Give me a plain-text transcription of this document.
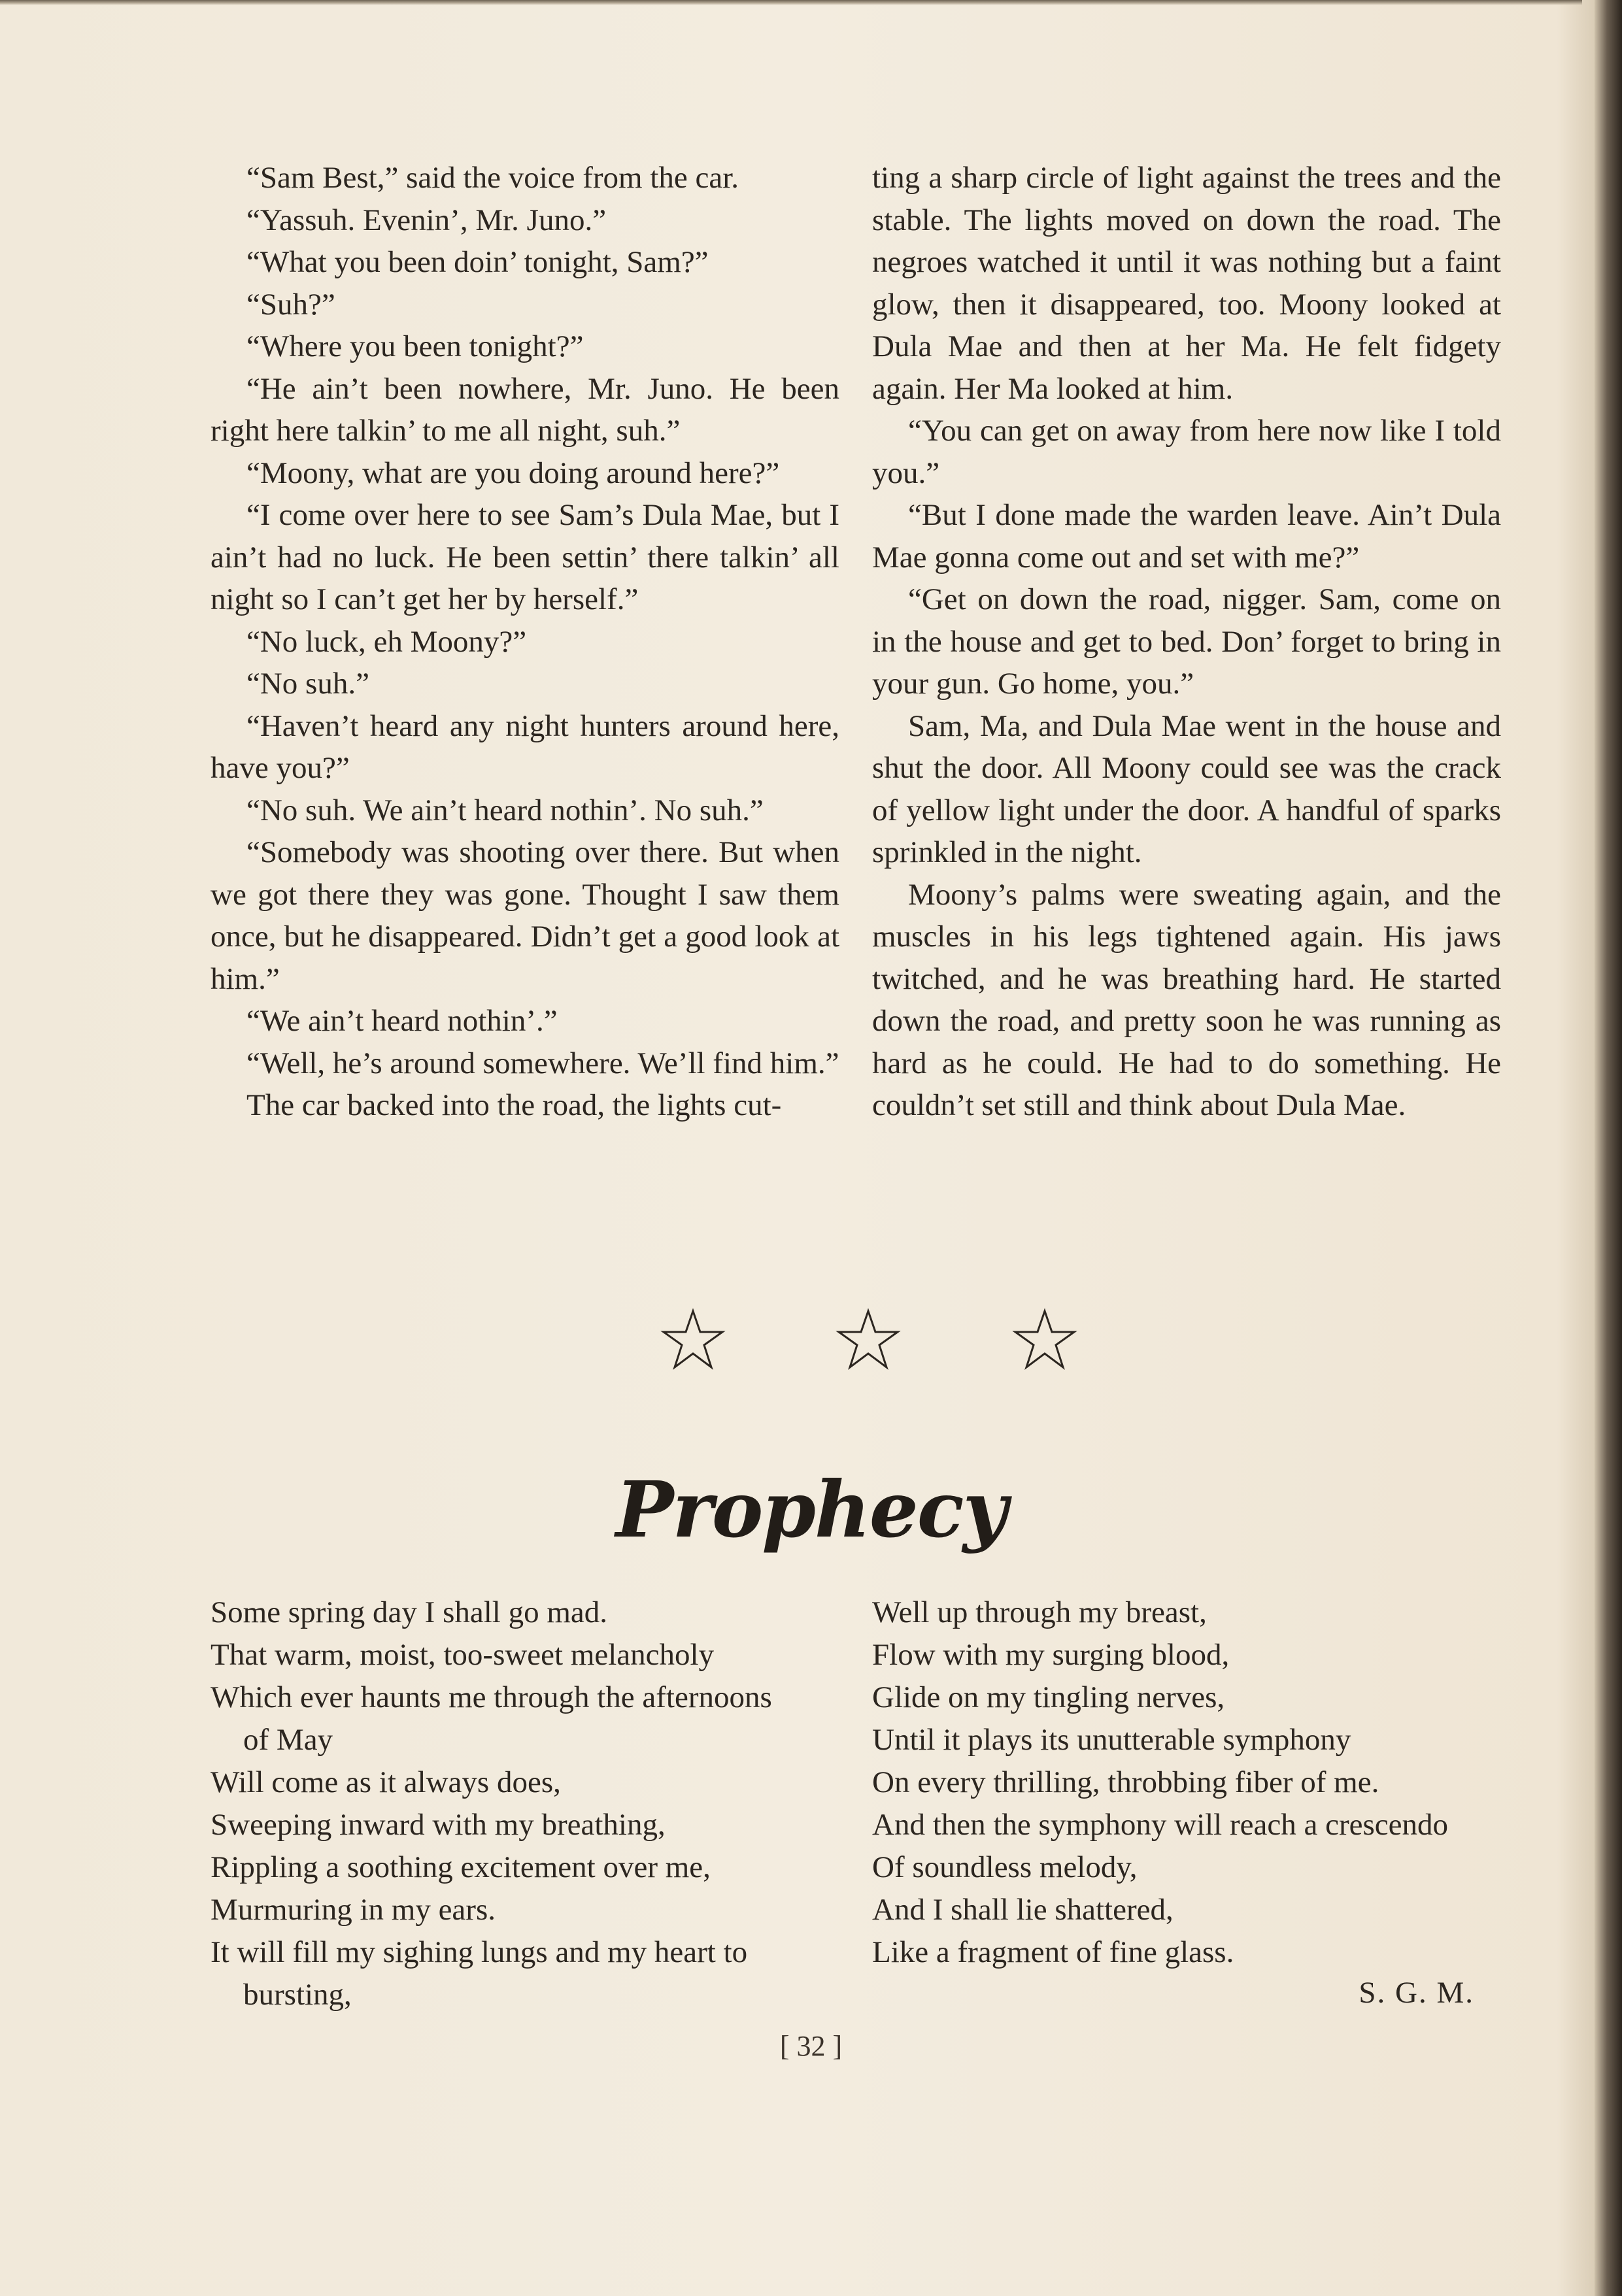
“Sam Best,” said the voice from the car.

“Yassuh. Evenin’, Mr. Juno.”

“What you been doin’ tonight, Sam?”

“Suh?”

“Where you been tonight?”

“He ain’t been nowhere, Mr. Juno. He been right here talkin’ to me all night, suh.”

“Moony, what are you doing around here?”

“I come over here to see Sam’s Dula Mae, but I ain’t had no luck. He been settin’ there talkin’ all night so I can’t get her by herself.”

“No luck, eh Moony?”

“No suh.”

“Haven’t heard any night hunters around here, have you?”

“No suh. We ain’t heard nothin’. No suh.”

“Somebody was shooting over there. But when we got there they was gone. Thought I saw them once, but he disappeared. Didn’t get a good look at him.”

“We ain’t heard nothin’.”

“Well, he’s around somewhere. We’ll find him.”

The car backed into the road, the lights cut-

ting a sharp circle of light against the trees and the stable. The lights moved on down the road. The negroes watched it until it was nothing but a faint glow, then it disappeared, too. Moony looked at Dula Mae and then at her Ma. He felt fidgety again. Her Ma looked at him.

“You can get on away from here now like I told you.”

“But I done made the warden leave. Ain’t Dula Mae gonna come out and set with me?”

“Get on down the road, nigger. Sam, come on in the house and get to bed. Don’ forget to bring in your gun. Go home, you.”

Sam, Ma, and Dula Mae went in the house and shut the door. All Moony could see was the crack of yellow light under the door. A handful of sparks sprinkled in the night.

Moony’s palms were sweating again, and the muscles in his legs tightened again. His jaws twitched, and he was breathing hard. He started down the road, and pretty soon he was running as hard as he could. He had to do something. He couldn’t set still and think about Dula Mae.

Prophecy
Some spring day I shall go mad.
That warm, moist, too-sweet melancholy
Which ever haunts me through the afternoons
of May
Will come as it always does,
Sweeping inward with my breathing,
Rippling a soothing excitement over me,
Murmuring in my ears.
It will fill my sighing lungs and my heart to
bursting,
Well up through my breast,
Flow with my surging blood,
Glide on my tingling nerves,
Until it plays its unutterable symphony
On every thrilling, throbbing fiber of me.
And then the symphony will reach a crescendo
Of soundless melody,
And I shall lie shattered,
Like a fragment of fine glass.
S. G. M.
[ 32 ]
